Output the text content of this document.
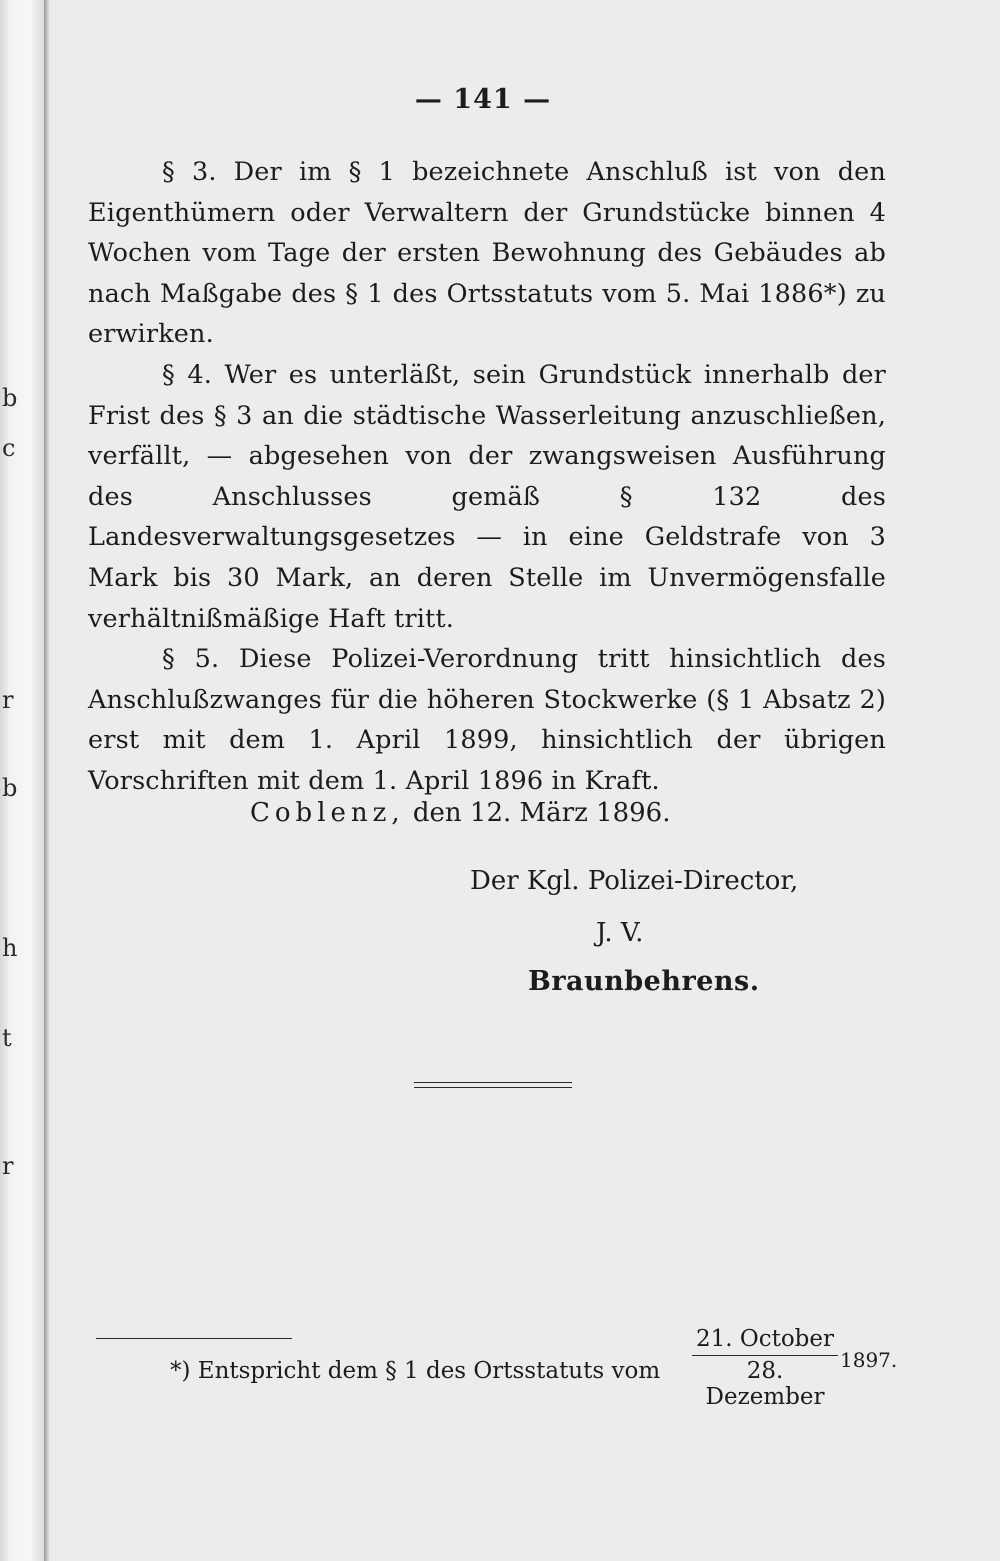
b
c
r
b
h
t
r
— 141 —

§ 3. Der im § 1 bezeichnete Anschluß ist von den Eigenthümern oder Verwaltern der Grundstücke binnen 4 Wochen vom Tage der ersten Bewohnung des Gebäudes ab nach Maßgabe des § 1 des Ortsstatuts vom 5. Mai 1886*) zu erwirken.

§ 4. Wer es unterläßt, sein Grundstück innerhalb der Frist des § 3 an die städtische Wasserleitung anzuschließen, verfällt, — abgesehen von der zwangsweisen Ausführung des Anschlusses gemäß § 132 des Landesverwaltungsgesetzes — in eine Geldstrafe von 3 Mark bis 30 Mark, an deren Stelle im Unvermögensfalle verhältnißmäßige Haft tritt.

§ 5. Diese Polizei-Verordnung tritt hinsichtlich des Anschlußzwanges für die höheren Stockwerke (§ 1 Absatz 2) erst mit dem 1. April 1899, hinsichtlich der übrigen Vorschriften mit dem 1. April 1896 in Kraft.

Coblenz, den 12. März 1896.
Der Kgl. Polizei-Director,
J. V.
Braunbehrens.
*) Entspricht dem § 1 des Ortsstatuts vom
21. October
28. Dezember
1897.
